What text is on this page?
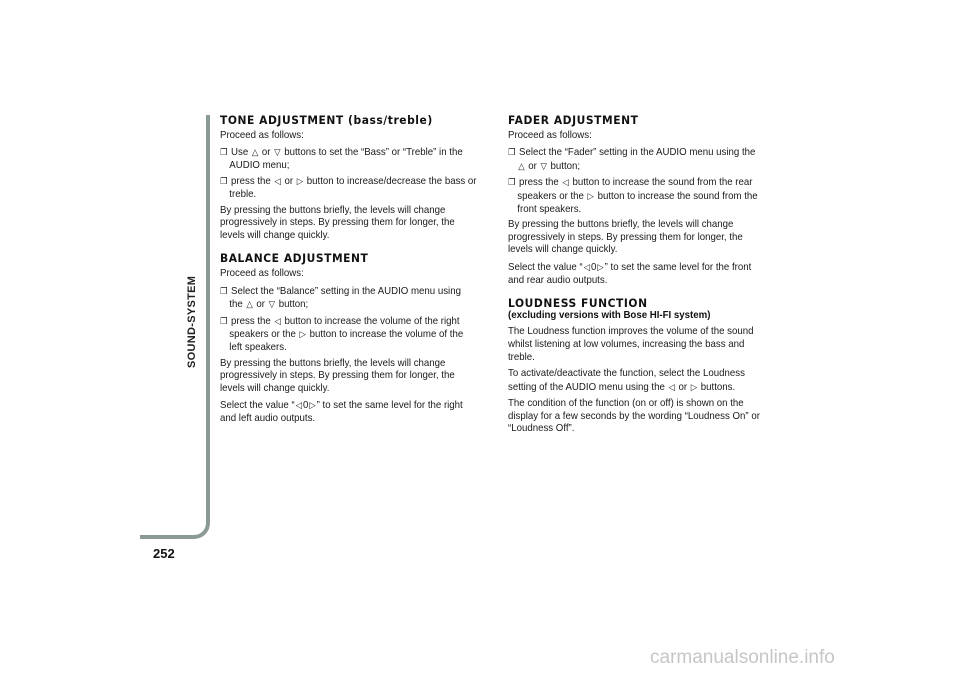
SOUND-SYSTEM
252
TONE ADJUSTMENT (bass/treble)

Proceed as follows:

❐ Use △ or ▽ buttons to set the “Bass” or “Treble” in the AUDIO menu;
❐ press the ◁ or ▷ button to increase/decrease the bass or treble.

By pressing the buttons briefly, the levels will change progressively in steps. By pressing them for longer, the levels will change quickly.

BALANCE ADJUSTMENT

Proceed as follows:

❐ Select the “Balance” setting in the AUDIO menu using the △ or ▽ button;
❐ press the ◁ button to increase the volume of the right speakers or the ▷ button to increase the volume of the left speakers.

By pressing the buttons briefly, the levels will change progressively in steps. By pressing them for longer, the levels will change quickly.

Select the value “◁0▷” to set the same level for the right and left audio outputs.

FADER ADJUSTMENT

Proceed as follows:

❐ Select the “Fader” setting in the AUDIO menu using the △ or ▽ button;
❐ press the ◁ button to increase the sound from the rear speakers or the ▷ button to increase the sound from the front speakers.

By pressing the buttons briefly, the levels will change progressively in steps. By pressing them for longer, the levels will change quickly.

Select the value “◁0▷” to set the same level for the front and rear audio outputs.

LOUDNESS FUNCTION
(excluding versions with Bose HI-FI system)

The Loudness function improves the volume of the sound whilst listening at low volumes, increasing the bass and treble.

To activate/deactivate the function, select the Loudness setting of the AUDIO menu using the ◁ or ▷ buttons.

The condition of the function (on or off) is shown on the display for a few seconds by the wording “Loudness On” or “Loudness Off”.

carmanualsonline.info
